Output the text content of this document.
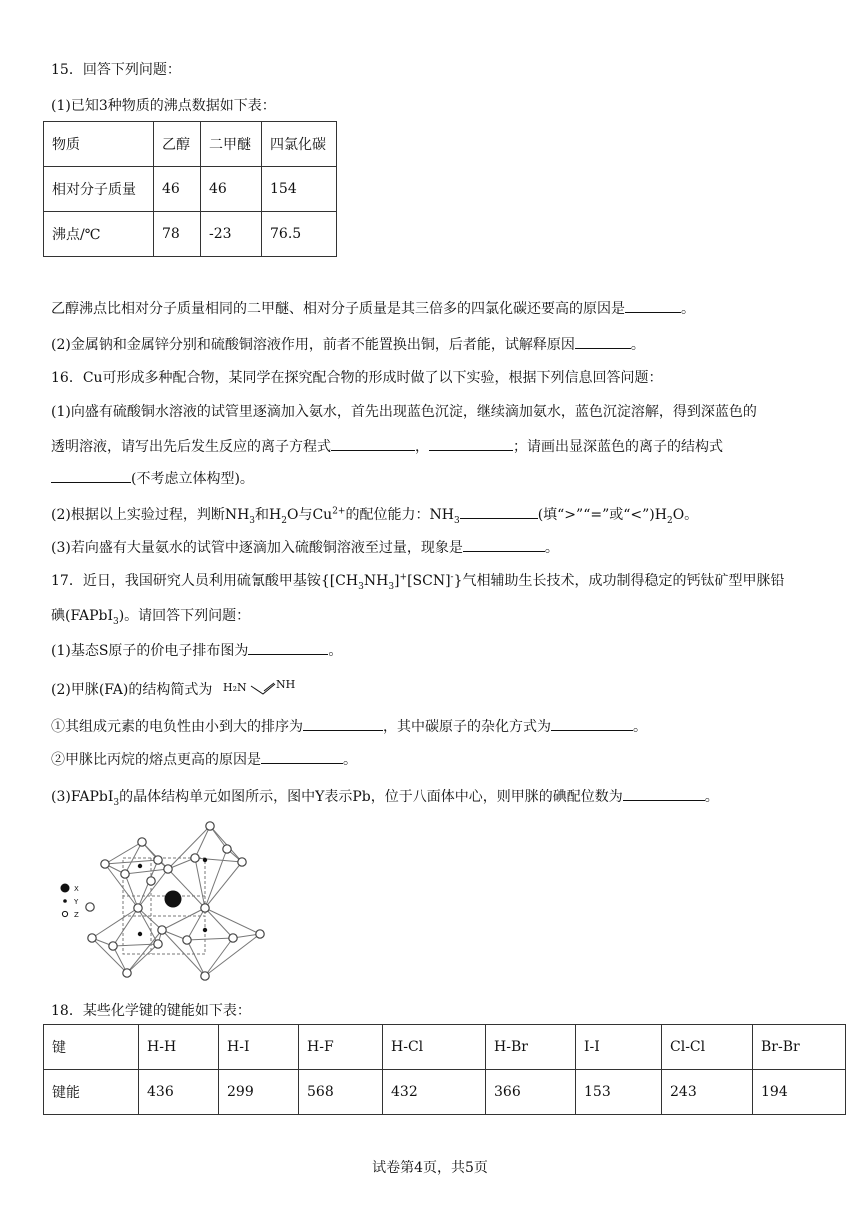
15．回答下列问题：
(1)已知3种物质的沸点数据如下表：
物质	乙醇	二甲醚	四氯化碳
相对分子质量	46	46	154
沸点/℃	78	-23	76.5
乙醇沸点比相对分子质量相同的二甲醚、相对分子质量是其三倍多的四氯化碳还要高的原因是	。
(2)金属钠和金属锌分别和硫酸铜溶液作用，前者不能置换出铜，后者能，试解释原因	。
16．Cu可形成多种配合物，某同学在探究配合物的形成时做了以下实验，根据下列信息回答问题：
(1)向盛有硫酸铜水溶液的试管里逐滴加入氨水，首先出现蓝色沉淀，继续滴加氨水，蓝色沉淀溶解，得到深蓝色的
透明溶液，请写出先后发生反应的离子方程式	，	；请画出显深蓝色的离子的结构式
(不考虑立体构型)。
(2)根据以上实验过程，判断$NH_3$和$H_2O$与$Cu^{2+}$的配位能力：$NH_3$	(填“>”“=”或“$<”)H_2O$。
(3)若向盛有大量氨水的试管中逐滴加入硫酸铜溶液至过量，现象是	。
17．近日，我国研究人员利用硫氰酸甲基铵$\{[CH_3NH_3]^+[SCN]^-\}$气相辅助生长技术，成功制得稳定的钙钛矿型甲脒铅
碘(FAPbI$_3$)。请回答下列问题：
(1)基态S原子的价电子排布图为	。
(2)甲脒(FA)的结构简式为 H₂N	NH
①其组成元素的电负性由小到大的排序为	，其中碳原子的杂化方式为	。
②甲脒比丙烷的熔点更高的原因是	。
(3)FAPbI$_3$的晶体结构单元如图所示，图中Y表示Pb，位于八面体中心，则甲脒的碘配位数为	。
X
Y
Z
18．某些化学键的键能如下表：
键	H-H	H-I	H-F	H-Cl	H-Br	I-I	Cl-Cl	Br-Br
键能	436	299	568	432	366	153	243	194
试卷第4页，共5页
